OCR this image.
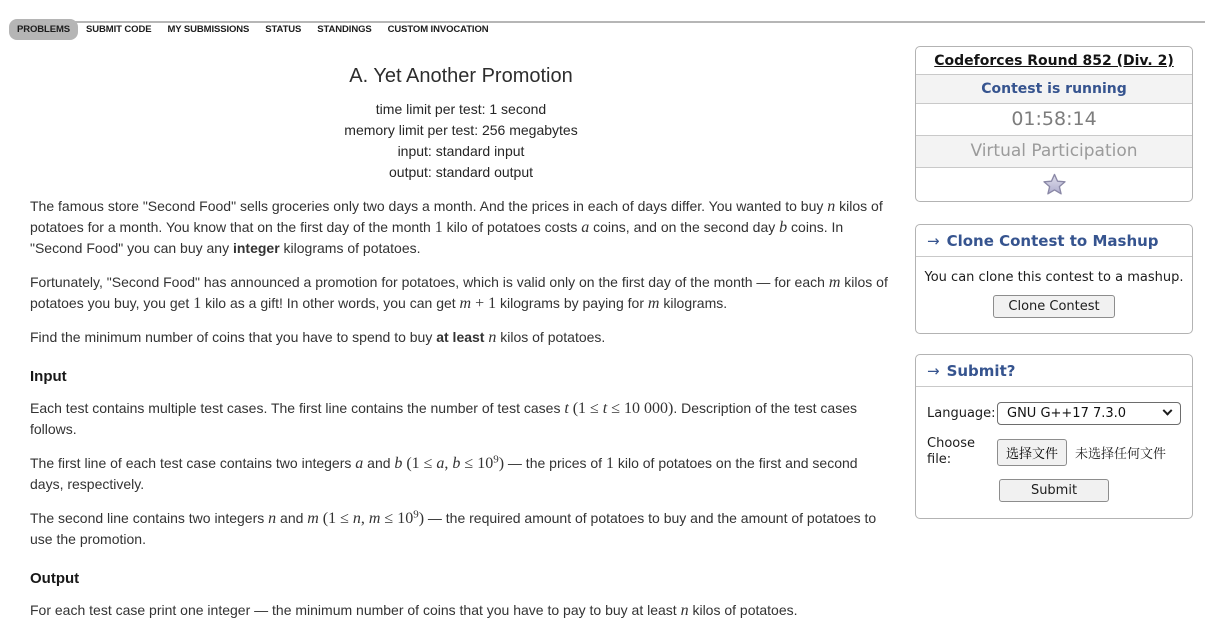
PROBLEMS	SUBMIT CODE	MY SUBMISSIONS	STATUS	STANDINGS	CUSTOM INVOCATION
A. Yet Another Promotion
time limit per test: 1 second
memory limit per test: 256 megabytes
input: standard input
output: standard output

The famous store "Second Food" sells groceries only two days a month. And the prices in each of days differ. You wanted to buy n kilos of potatoes for a month. You know that on the first day of the month 1 kilo of potatoes costs a coins, and on the second day b coins. In "Second Food" you can buy any integer kilograms of potatoes.

Fortunately, "Second Food" has announced a promotion for potatoes, which is valid only on the first day of the month — for each m kilos of potatoes you buy, you get 1 kilo as a gift! In other words, you can get m + 1 kilograms by paying for m kilograms.

Find the minimum number of coins that you have to spend to buy at least n kilos of potatoes.

Input

Each test contains multiple test cases. The first line contains the number of test cases t (1 ≤ t ≤ 10 000). Description of the test cases follows.

The first line of each test case contains two integers a and b (1 ≤ a, $b \le 10^9$) — the prices of 1 kilo of potatoes on the first and second days, respectively.

The second line contains two integers n and m (1 ≤ n, $m \le 10^9$) — the required amount of potatoes to buy and the amount of potatoes to use the promotion.

Output

For each test case print one integer — the minimum number of coins that you have to pay to buy at least n kilos of potatoes.

Codeforces Round 852 (Div. 2)
Contest is running
01:58:14
Virtual Participation
→ Clone Contest to Mashup
You can clone this contest to a mashup.
Clone Contest
→ Submit?
Language: GNU G++17 7.3.0
Choose file:	选择文件	未选择任何文件
Submit
